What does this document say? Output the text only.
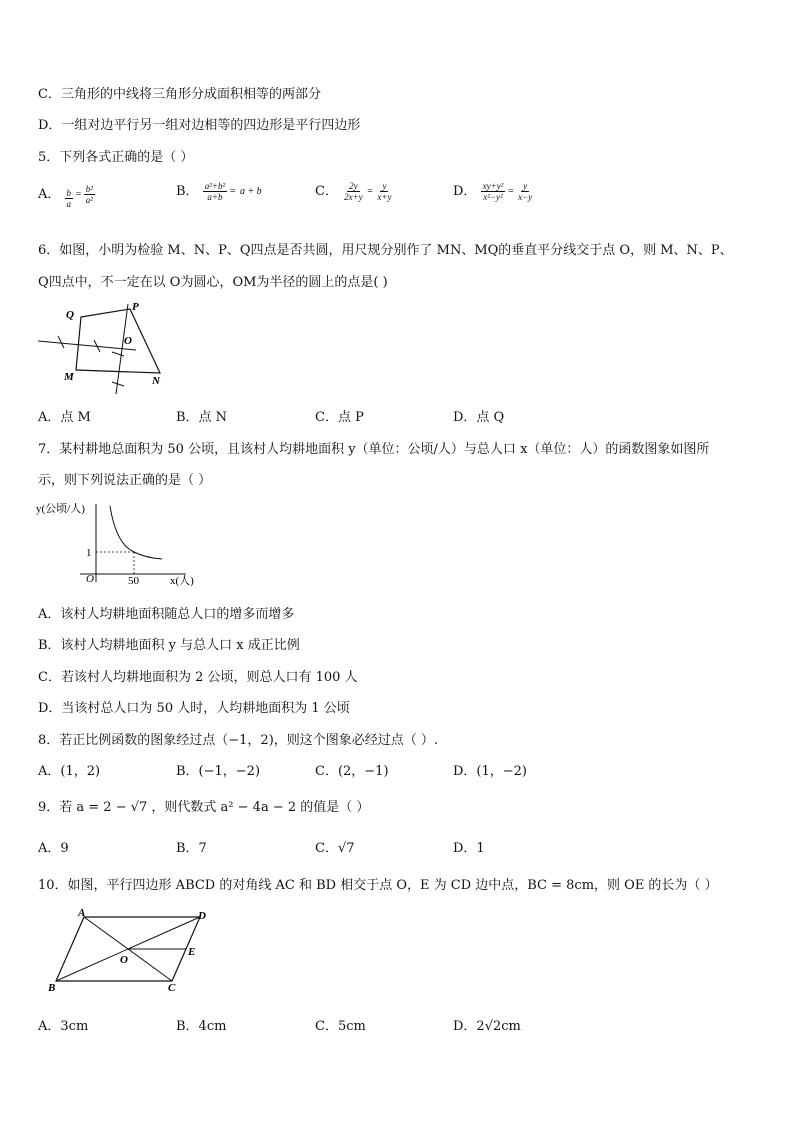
C．三角形的中线将三角形分成面积相等的两部分
D．一组对边平行另一组对边相等的四边形是平行四边形
5．下列各式正确的是（ ）
A． $\frac{b}{a} = \frac{\text{b²}}{\text{a²}}$	B． $\frac{\text{a²+b²}}{a+b} = a + b$	C． $\frac{2y}{2x+y} = \frac{y}{x+y}$	D． $\frac{\text{xy+y²}}{\text{x²−y²}} = \frac{y}{x-y}$
6．如图，小明为检验 M、N、P、Q四点是否共圆，用尺规分别作了 MN、MQ的垂直平分线交于点 O，则 M、N、P、
Q四点中，不一定在以 O为圆心，OM为半径的圆上的点是( )
Q
P
O
M	N
A．点 M	B．点 N	C．点 P	D．点 Q
7．某村耕地总面积为 50 公顷，且该村人均耕地面积 y（单位：公顷/人）与总人口 x（单位：人）的函数图象如图所
示，则下列说法正确的是（ ）
y(公顷/人)
x(人)
O
1
50
A．该村人均耕地面积随总人口的增多而增多
B．该村人均耕地面积 y 与总人口 x 成正比例
C．若该村人均耕地面积为 2 公顷，则总人口有 100 人
D．当该村总人口为 50 人时，人均耕地面积为 1 公顷
8．若正比例函数的图象经过点（−1，2)，则这个图象必经过点（ ）.
A．(1，2)	B．(−1，−2)	C．(2，−1)	D．(1，−2)
9．若 a = 2 − √7 ，则代数式 a² − 4a − 2 的值是（ ）
A．9	B．7	C．√7	D．1
10．如图，平行四边形 ABCD 的对角线 AC 和 BD 相交于点 O，E 为 CD 边中点，BC = 8cm，则 OE 的长为（ ）
A	D
E
O
B	C
A．3cm	B．4cm	C．5cm	D．2√2cm
